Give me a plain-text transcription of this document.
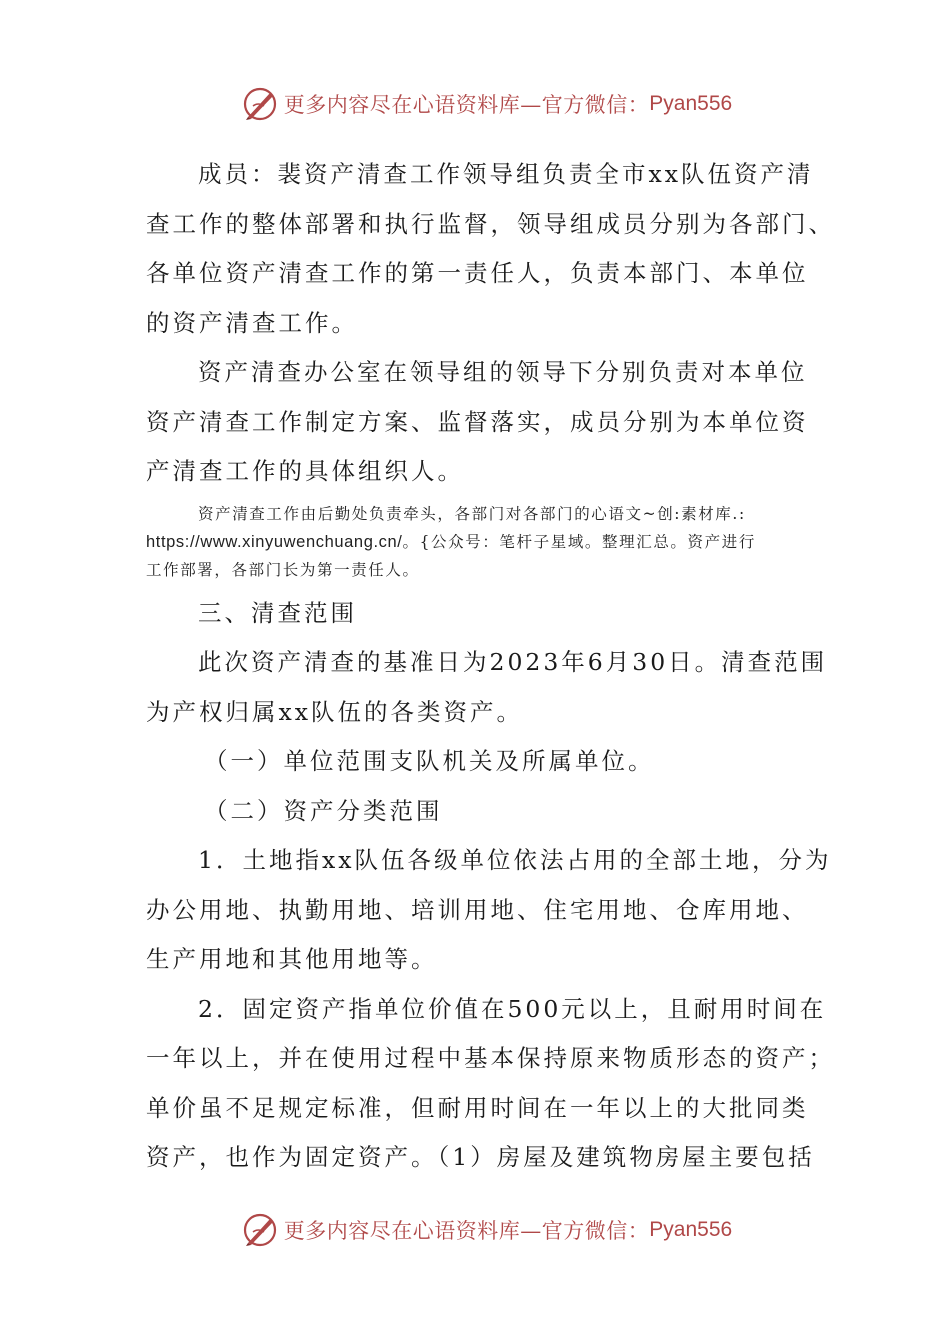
更多内容尽在心语资料库—官方微信： Pyan556

成员：裴资产清查工作领导组负责全市xx队伍资产清

查工作的整体部署和执行监督，领导组成员分别为各部门、

各单位资产清查工作的第一责任人，负责本部门、本单位

的资产清查工作。

资产清查办公室在领导组的领导下分别负责对本单位

资产清查工作制定方案、监督落实，成员分别为本单位资

产清查工作的具体组织人。

资产清查工作由后勤处负责牵头，各部门对各部门的心语文~创:素材库.:

https://www.xinyuwenchuang.cn/。{公众号：笔杆子星域。整理汇总。资产进行

工作部署，各部门长为第一责任人。

三、清查范围

此次资产清查的基准日为2023年6月30日。清查范围

为产权归属xx队伍的各类资产。

（一）单位范围支队机关及所属单位。

（二）资产分类范围

1．土地指xx队伍各级单位依法占用的全部土地，分为

办公用地、执勤用地、培训用地、住宅用地、仓库用地、

生产用地和其他用地等。

2．固定资产指单位价值在500元以上，且耐用时间在

一年以上，并在使用过程中基本保持原来物质形态的资产；

单价虽不足规定标准，但耐用时间在一年以上的大批同类

资产，也作为固定资产。（1）房屋及建筑物房屋主要包括

更多内容尽在心语资料库—官方微信： Pyan556
